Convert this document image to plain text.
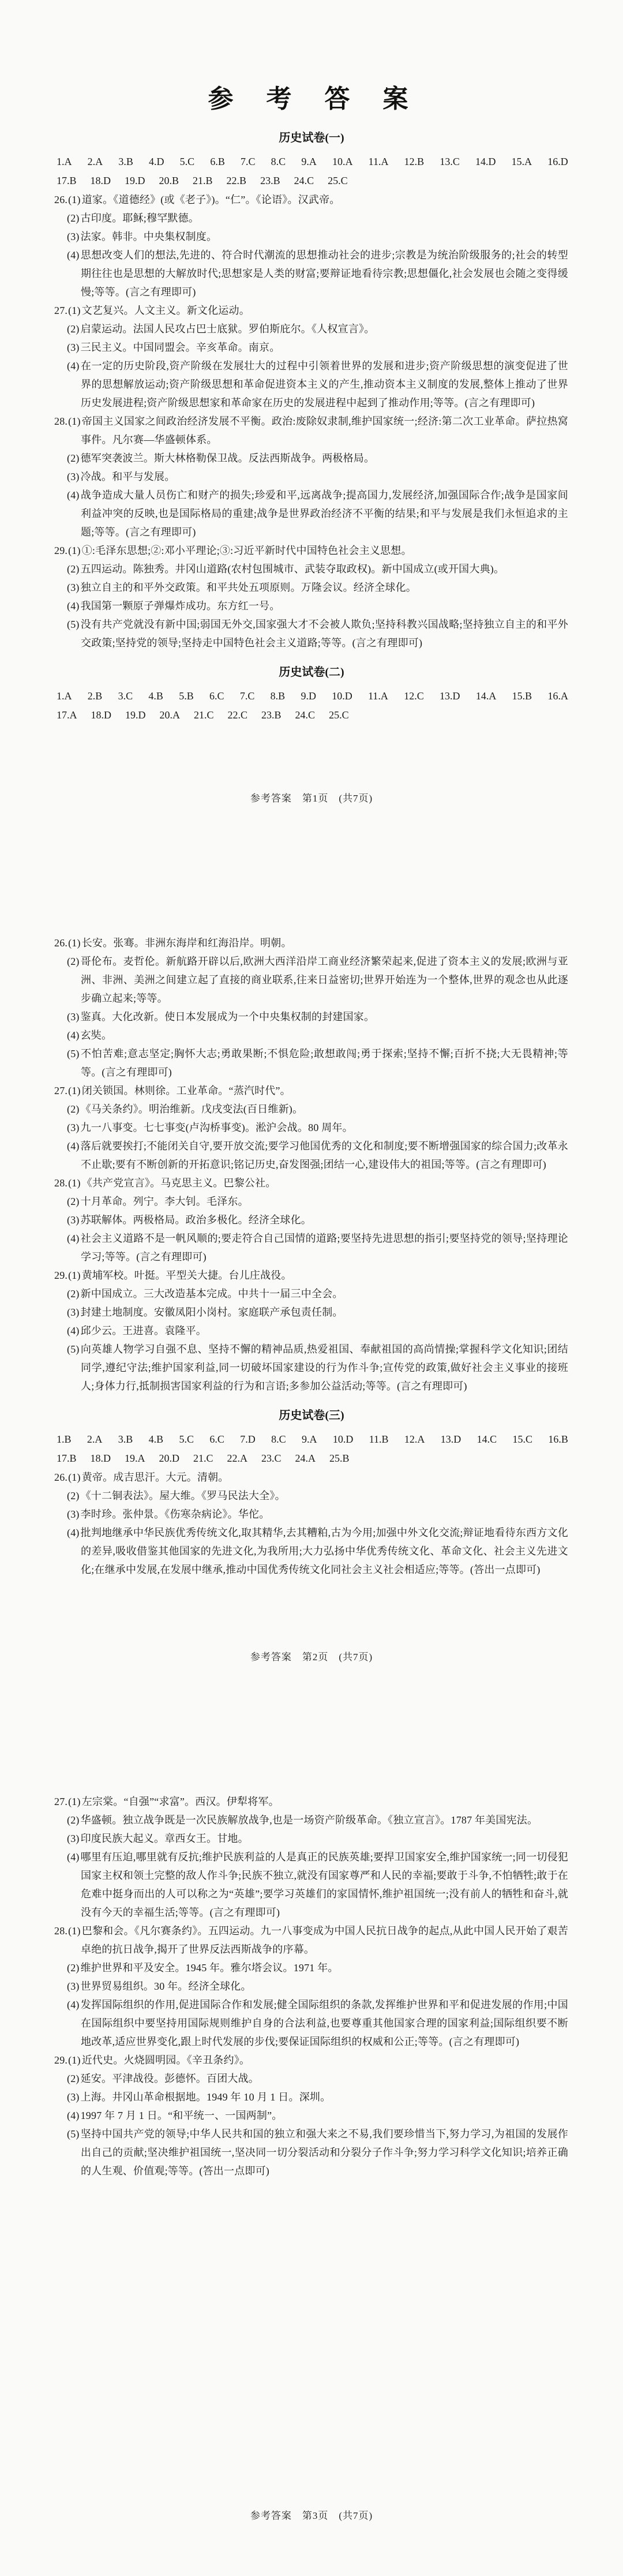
参 考 答 案
历史试卷(一)
1.A 2.A 3.B 4.D 5.C 6.B 7.C 8.C 9.A 10.A 11.A 12.B 13.C 14.D 15.A 16.D
17.B 18.D 19.D 20.B 21.B 22.B 23.B 24.C 25.C
26.(1) 道家。《道德经》(或《老子》)。“仁”。《论语》。汉武帝。
(2) 古印度。耶稣;穆罕默德。
(3) 法家。韩非。中央集权制度。
(4) 思想改变人们的想法,先进的、符合时代潮流的思想推动社会的进步;宗教是为统治阶级服务的;社会的转型期往往也是思想的大解放时代;思想家是人类的财富;要辩证地看待宗教;思想僵化,社会发展也会随之变得缓慢;等等。(言之有理即可)
27.(1) 文艺复兴。人文主义。新文化运动。
(2) 启蒙运动。法国人民攻占巴士底狱。罗伯斯庇尔。《人权宣言》。
(3) 三民主义。中国同盟会。辛亥革命。南京。
(4) 在一定的历史阶段,资产阶级在发展壮大的过程中引领着世界的发展和进步;资产阶级思想的演变促进了世界的思想解放运动;资产阶级思想和革命促进资本主义的产生,推动资本主义制度的发展,整体上推动了世界历史发展进程;资产阶级思想家和革命家在历史的发展进程中起到了推动作用;等等。(言之有理即可)
28.(1) 帝国主义国家之间政治经济发展不平衡。政治:废除奴隶制,维护国家统一;经济:第二次工业革命。萨拉热窝事件。凡尔赛—华盛顿体系。
(2) 德军突袭波兰。斯大林格勒保卫战。反法西斯战争。两极格局。
(3) 冷战。和平与发展。
(4) 战争造成大量人员伤亡和财产的损失;珍爱和平,远离战争;提高国力,发展经济,加强国际合作;战争是国家间利益冲突的反映,也是国际格局的重建;战争是世界政治经济不平衡的结果;和平与发展是我们永恒追求的主题;等等。(言之有理即可)
29.(1) ①:毛泽东思想;②:邓小平理论;③:习近平新时代中国特色社会主义思想。
(2) 五四运动。陈独秀。井冈山道路(农村包围城市、武装夺取政权)。新中国成立(或开国大典)。
(3) 独立自主的和平外交政策。和平共处五项原则。万隆会议。经济全球化。
(4) 我国第一颗原子弹爆炸成功。东方红一号。
(5) 没有共产党就没有新中国;弱国无外交,国家强大才不会被人欺负;坚持科教兴国战略;坚持独立自主的和平外交政策;坚持党的领导;坚持走中国特色社会主义道路;等等。(言之有理即可)
历史试卷(二)
1.A 2.B 3.C 4.B 5.B 6.C 7.C 8.B 9.D 10.D 11.A 12.C 13.D 14.A 15.B 16.A
17.A 18.D 19.D 20.A 21.C 22.C 23.B 24.C 25.C
参考答案　第1页　(共7页)
26.(1) 长安。张骞。非洲东海岸和红海沿岸。明朝。
(2) 哥伦布。麦哲伦。新航路开辟以后,欧洲大西洋沿岸工商业经济繁荣起来,促进了资本主义的发展;欧洲与亚洲、非洲、美洲之间建立起了直接的商业联系,往来日益密切;世界开始连为一个整体,世界的观念也从此逐步确立起来;等等。
(3) 鉴真。大化改新。使日本发展成为一个中央集权制的封建国家。
(4) 玄奘。
(5) 不怕苦难;意志坚定;胸怀大志;勇敢果断;不惧危险;敢想敢闯;勇于探索;坚持不懈;百折不挠;大无畏精神;等等。(言之有理即可)
27.(1) 闭关锁国。林则徐。工业革命。“蒸汽时代”。
(2) 《马关条约》。明治维新。戊戌变法(百日维新)。
(3) 九一八事变。七七事变(卢沟桥事变)。淞沪会战。80 周年。
(4) 落后就要挨打;不能闭关自守,要开放交流;要学习他国优秀的文化和制度;要不断增强国家的综合国力;改革永不止歇;要有不断创新的开拓意识;铭记历史,奋发图强;团结一心,建设伟大的祖国;等等。(言之有理即可)
28.(1) 《共产党宣言》。马克思主义。巴黎公社。
(2) 十月革命。列宁。李大钊。毛泽东。
(3) 苏联解体。两极格局。政治多极化。经济全球化。
(4) 社会主义道路不是一帆风顺的;要走符合自己国情的道路;要坚持先进思想的指引;要坚持党的领导;坚持理论学习;等等。(言之有理即可)
29.(1) 黄埔军校。叶挺。平型关大捷。台儿庄战役。
(2) 新中国成立。三大改造基本完成。中共十一届三中全会。
(3) 封建土地制度。安徽凤阳小岗村。家庭联产承包责任制。
(4) 邱少云。王进喜。袁隆平。
(5) 向英雄人物学习自强不息、坚持不懈的精神品质,热爱祖国、奉献祖国的高尚情操;掌握科学文化知识;团结同学,遵纪守法;维护国家利益,同一切破坏国家建设的行为作斗争;宣传党的政策,做好社会主义事业的接班人;身体力行,抵制损害国家利益的行为和言语;多参加公益活动;等等。(言之有理即可)
历史试卷(三)
1.B 2.A 3.B 4.B 5.C 6.C 7.D 8.C 9.A 10.D 11.B 12.A 13.D 14.C 15.C 16.B
17.B 18.D 19.A 20.D 21.C 22.A 23.C 24.A 25.B
26.(1) 黄帝。成吉思汗。大元。清朝。
(2) 《十二铜表法》。屋大维。《罗马民法大全》。
(3) 李时珍。张仲景。《伤寒杂病论》。华佗。
(4) 批判地继承中华民族优秀传统文化,取其精华,去其糟粕,古为今用;加强中外文化交流;辩证地看待东西方文化的差异,吸收借鉴其他国家的先进文化,为我所用;大力弘扬中华优秀传统文化、革命文化、社会主义先进文化;在继承中发展,在发展中继承,推动中国优秀传统文化同社会主义社会相适应;等等。(答出一点即可)
参考答案　第2页　(共7页)
27.(1) 左宗棠。“自强”“求富”。西汉。伊犁将军。
(2) 华盛顿。独立战争既是一次民族解放战争,也是一场资产阶级革命。《独立宣言》。1787 年美国宪法。
(3) 印度民族大起义。章西女王。甘地。
(4) 哪里有压迫,哪里就有反抗;维护民族利益的人是真正的民族英雄;要捍卫国家安全,维护国家统一;同一切侵犯国家主权和领土完整的敌人作斗争;民族不独立,就没有国家尊严和人民的幸福;要敢于斗争,不怕牺牲;敢于在危难中挺身而出的人可以称之为“英雄”;要学习英雄们的家国情怀,维护祖国统一;没有前人的牺牲和奋斗,就没有今天的幸福生活;等等。(言之有理即可)
28.(1) 巴黎和会。《凡尔赛条约》。五四运动。九一八事变成为中国人民抗日战争的起点,从此中国人民开始了艰苦卓绝的抗日战争,揭开了世界反法西斯战争的序幕。
(2) 维护世界和平及安全。1945 年。雅尔塔会议。1971 年。
(3) 世界贸易组织。30 年。经济全球化。
(4) 发挥国际组织的作用,促进国际合作和发展;健全国际组织的条款,发挥维护世界和平和促进发展的作用;中国在国际组织中要坚持用国际规则维护自身的合法利益,也要尊重其他国家合理的国家利益;国际组织要不断地改革,适应世界变化,跟上时代发展的步伐;要保证国际组织的权威和公正;等等。(言之有理即可)
29.(1) 近代史。火烧圆明园。《辛丑条约》。
(2) 延安。平津战役。彭德怀。百团大战。
(3) 上海。井冈山革命根据地。1949 年 10 月 1 日。深圳。
(4) 1997 年 7 月 1 日。“和平统一、一国两制”。
(5) 坚持中国共产党的领导;中华人民共和国的独立和强大来之不易,我们要珍惜当下,努力学习,为祖国的发展作出自己的贡献;坚决维护祖国统一,坚决同一切分裂活动和分裂分子作斗争;努力学习科学文化知识;培养正确的人生观、价值观;等等。(答出一点即可)
参考答案　第3页　(共7页)
